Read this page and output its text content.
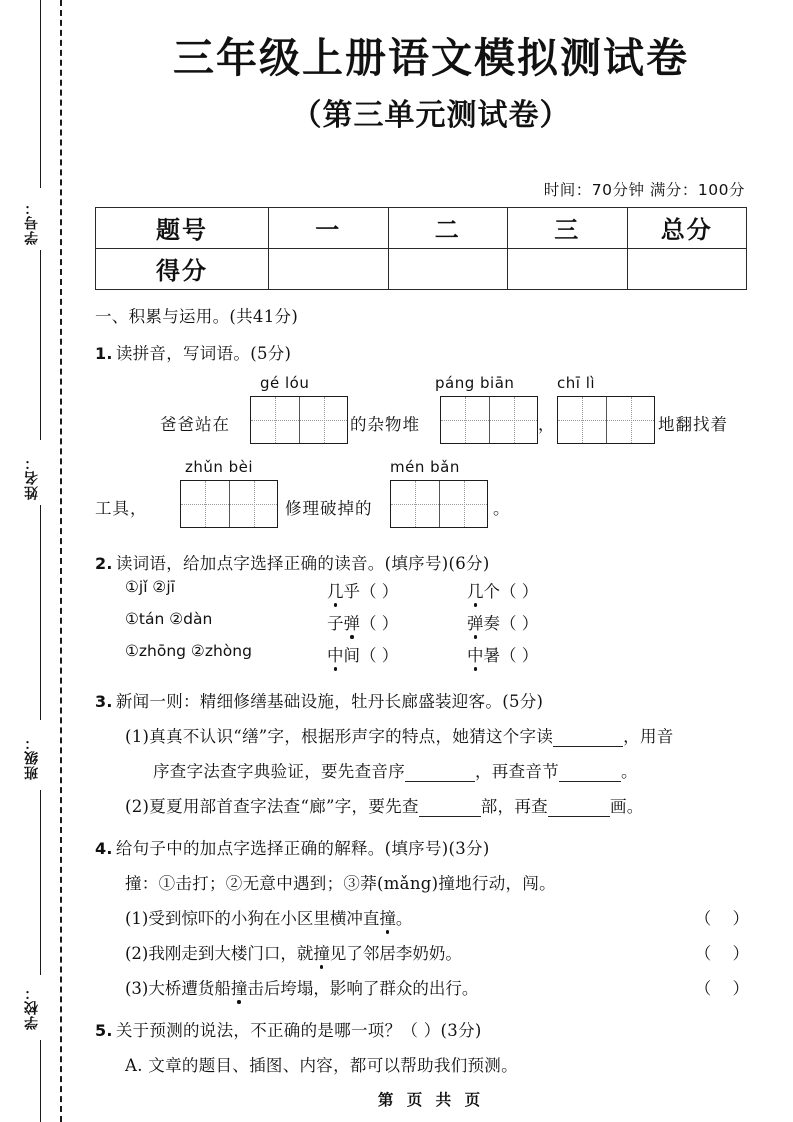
学号：
姓名：
班级：
学校：
三年级上册语文模拟测试卷
（第三单元测试卷）
时间：70分钟 满分：100分
题号	一	二	三	总分
得分				
一、积累与运用。(共41分)
1. 读拼音，写词语。(5分)
gé lóu	páng biān	chī lì
爸爸站在	的杂物堆	，	地翻找着
zhǔn bèi	mén bǎn
工具，	修理破掉的	。
2. 读词语，给加点字选择正确的读音。(填序号)(6分)
①jǐ ②jī	几乎（ ）	几个（ ）
①tán ②dàn	子弹（ ）	弹奏（ ）
①zhōng ②zhòng	中间（ ）	中暑（ ）
3. 新闻一则：精细修缮基础设施，牡丹长廊盛装迎客。(5分)
(1)真真不认识“缮”字，根据形声字的特点，她猜这个字读	，用音
序查字法查字典验证，要先查音序	，再查音节	。
(2)夏夏用部首查字法查“廊”字，要先查	部，再查	画。
4. 给句子中的加点字选择正确的解释。(填序号)(3分)
撞：①击打；②无意中遇到；③莽(mǎng)撞地行动，闯。
(1)受到惊吓的小狗在小区里横冲直撞。	（ ）
(2)我刚走到大楼门口，就撞见了邻居李奶奶。	（ ）
(3)大桥遭货船撞击后垮塌，影响了群众的出行。	（ ）
5. 关于预测的说法，不正确的是哪一项？（ ）(3分)
A. 文章的题目、插图、内容，都可以帮助我们预测。
第 页 共 页
